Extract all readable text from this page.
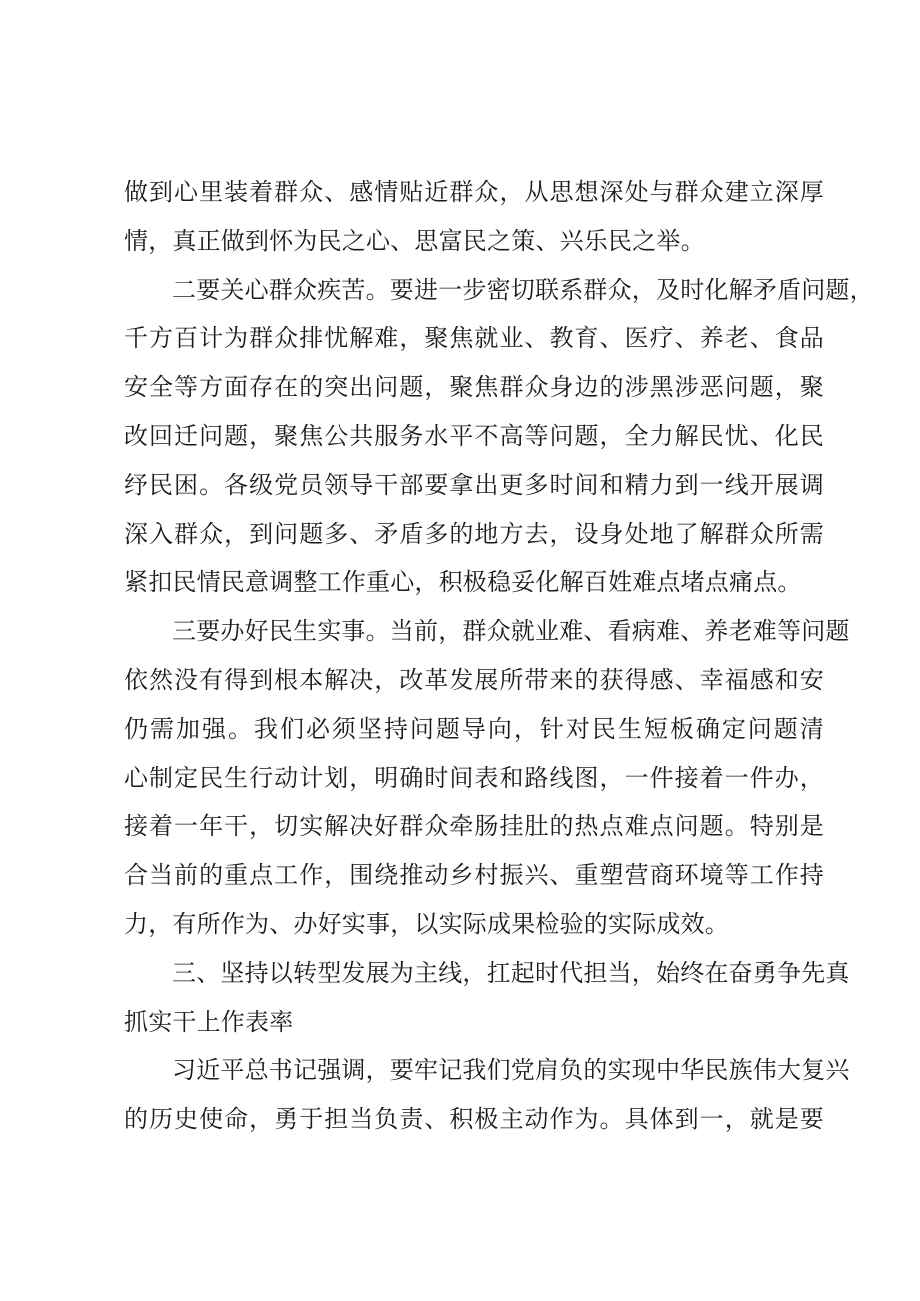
做到心里装着群众、感情贴近群众，从思想深处与群众建立深厚
情，真正做到怀为民之心、思富民之策、兴乐民之举。
二要关心群众疾苦。要进一步密切联系群众，及时化解矛盾问题，
千方百计为群众排忧解难，聚焦就业、教育、医疗、养老、食品
安全等方面存在的突出问题，聚焦群众身边的涉黑涉恶问题，聚
改回迁问题，聚焦公共服务水平不高等问题，全力解民忧、化民
纾民困。各级党员领导干部要拿出更多时间和精力到一线开展调
深入群众，到问题多、矛盾多的地方去，设身处地了解群众所需
紧扣民情民意调整工作重心，积极稳妥化解百姓难点堵点痛点。
三要办好民生实事。当前，群众就业难、看病难、养老难等问题
依然没有得到根本解决，改革发展所带来的获得感、幸福感和安
仍需加强。我们必须坚持问题导向，针对民生短板确定问题清
心制定民生行动计划，明确时间表和路线图，一件接着一件办，
接着一年干，切实解决好群众牵肠挂肚的热点难点问题。特别是
合当前的重点工作，围绕推动乡村振兴、重塑营商环境等工作持
力，有所作为、办好实事，以实际成果检验的实际成效。
三、坚持以转型发展为主线，扛起时代担当，始终在奋勇争先真
抓实干上作表率
习近平总书记强调，要牢记我们党肩负的实现中华民族伟大复兴
的历史使命，勇于担当负责、积极主动作为。具体到一，就是要
